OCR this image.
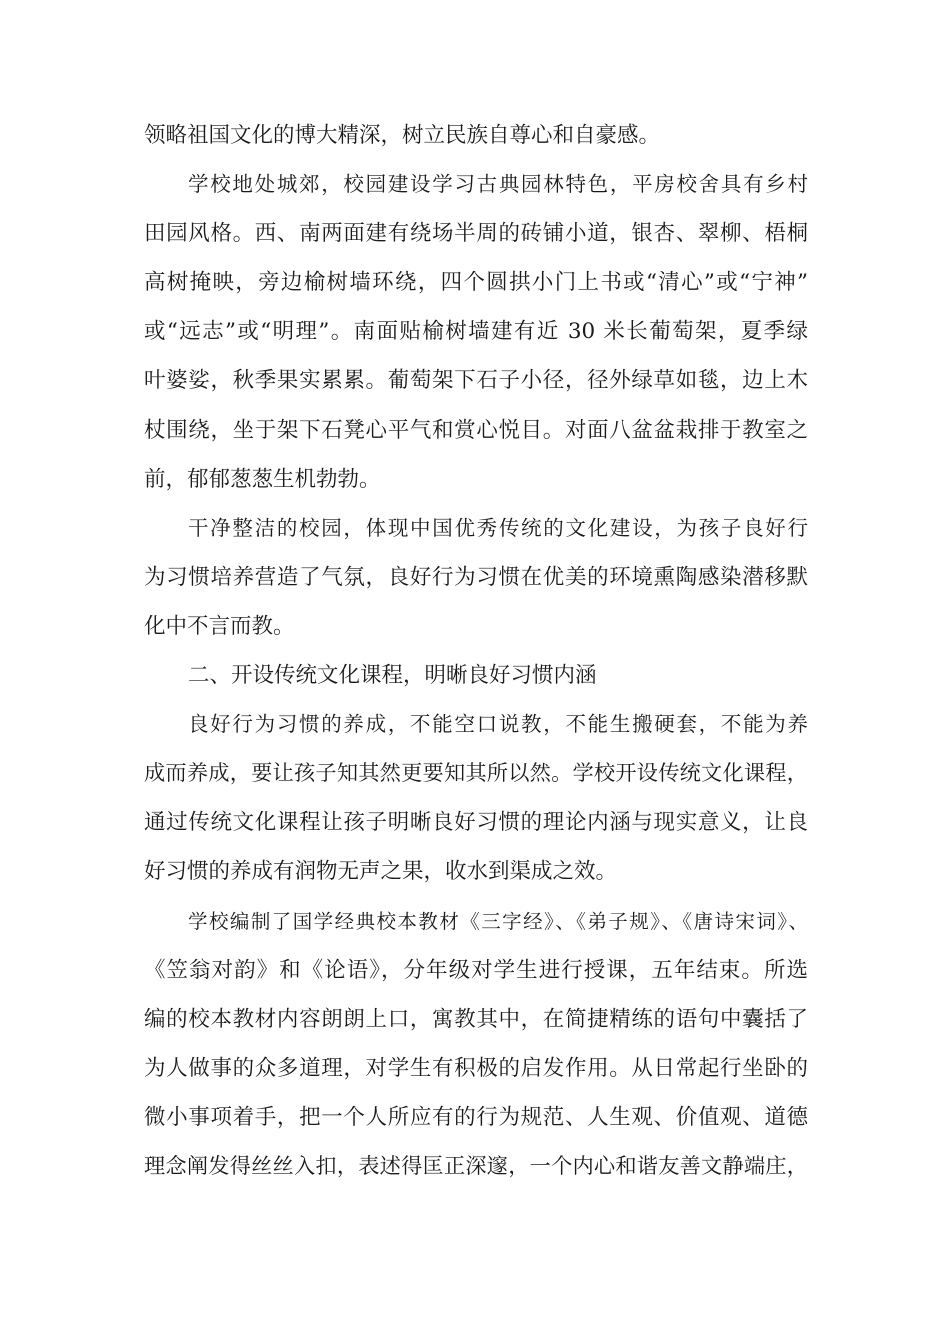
领略祖国文化的博大精深，树立民族自尊心和自豪感。
学校地处城郊，校园建设学习古典园林特色，平房校舍具有乡村
田园风格。西、南两面建有绕场半周的砖铺小道，银杏、翠柳、梧桐
高树掩映，旁边榆树墙环绕，四个圆拱小门上书或“清心”或“宁神”
或“远志”或“明理”。南面贴榆树墙建有近 30 米长葡萄架，夏季绿
叶婆娑，秋季果实累累。葡萄架下石子小径，径外绿草如毯，边上木
杖围绕，坐于架下石凳心平气和赏心悦目。对面八盆盆栽排于教室之
前，郁郁葱葱生机勃勃。
干净整洁的校园，体现中国优秀传统的文化建设，为孩子良好行
为习惯培养营造了气氛，良好行为习惯在优美的环境熏陶感染潜移默
化中不言而教。
二、开设传统文化课程，明晰良好习惯内涵
良好行为习惯的养成，不能空口说教，不能生搬硬套，不能为养
成而养成，要让孩子知其然更要知其所以然。学校开设传统文化课程，
通过传统文化课程让孩子明晰良好习惯的理论内涵与现实意义，让良
好习惯的养成有润物无声之果，收水到渠成之效。
学校编制了国学经典校本教材《三字经》、《弟子规》、《唐诗宋词》、
《笠翁对韵》和《论语》，分年级对学生进行授课，五年结束。所选
编的校本教材内容朗朗上口，寓教其中，在简捷精练的语句中囊括了
为人做事的众多道理，对学生有积极的启发作用。从日常起行坐卧的
微小事项着手，把一个人所应有的行为规范、人生观、价值观、道德
理念阐发得丝丝入扣，表述得匡正深邃，一个内心和谐友善文静端庄，
